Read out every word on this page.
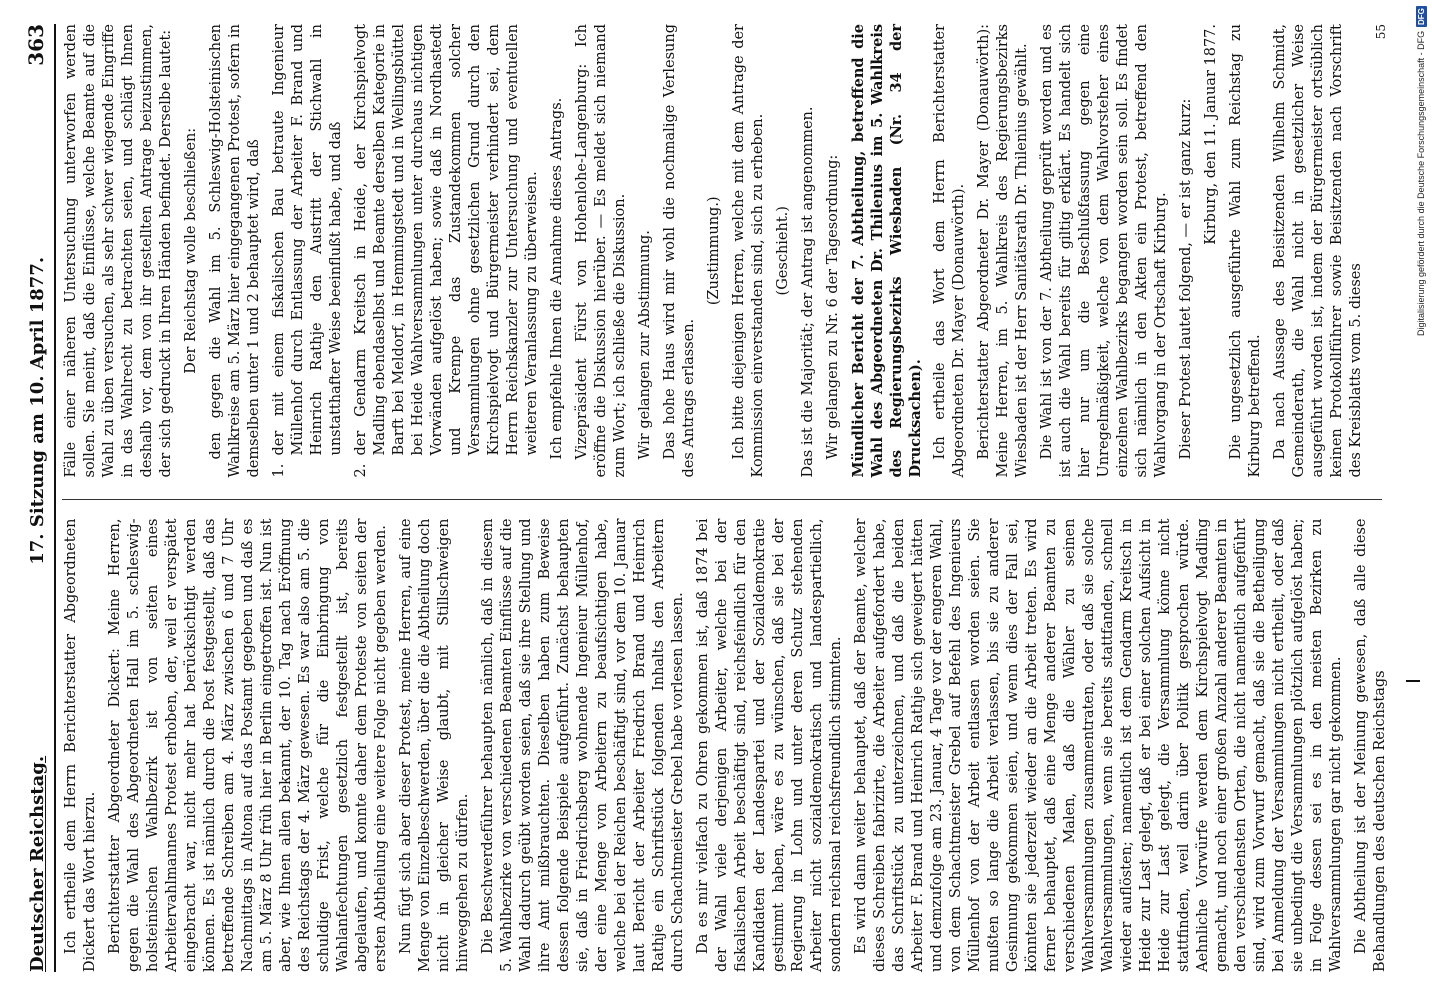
Deutscher Reichstag.
17. Sitzung am 10. April 1877.
363

Ich ertheile dem Herrn Berichterstatter Abgeordneten Dickert das Wort hierzu. Berichterstatter Abgeordneter Dickert: Meine Herren, gegen die Wahl des Abgeordneten Hall im 5. schleswig-holsteinischen Wahlbezirk ist von seiten eines Arbeitervahlmannes Protest erhoben, der, weil er verspätet eingebracht war, nicht mehr hat berücksichtigt werden können. Es ist nämlich durch die Post festgestellt, daß das betreffende Schreiben am 4. März zwischen 6 und 7 Uhr Nachmittags in Altona auf das Postamt gegeben und daß es am 5. März 8 Uhr früh hier in Berlin eingetroffen ist. Nun ist aber, wie Ihnen allen bekannt, der 10. Tag nach Eröffnung des Reichstags der 4. März gewesen. Es war also am 5. die schuldige Frist, welche für die Einbringung von Wahlanfechtungen gesetzlich festgestellt ist, bereits abgelaufen, und konnte daher dem Proteste von seiten der ersten Abtheilung eine weitere Folge nicht gegeben werden. Nun fügt sich aber dieser Protest, meine Herren, auf eine Menge von Einzelbeschwerden, über die die Abtheilung doch nicht in gleicher Weise glaubt, mit Stillschweigen hinweggehen zu dürfen. Die Beschwerdeführer behaupten nämlich, daß in diesem 5. Wahlbezirke von verschiedenen Beamten Einflüsse auf die Wahl dadurch geübt worden seien, daß sie ihre Stellung und ihre Amt mißbrauchten. Dieselben haben zum Beweise dessen folgende Beispiele aufgeführt. Zunächst behaupten sie, daß in Friedrichsberg wohnende Ingenieur Müllenhof, der eine Menge von Arbeitern zu beaufsichtigen habe, welche bei der Reichen beschäftigt sind, vor dem 10. Januar laut Bericht der Arbeiter Friedrich Brand und Heinrich Rathje ein Schriftstück folgenden Inhalts den Arbeitern durch Schachtmeister Grebel habe vorlesen lassen. Da es mir vielfach zu Ohren gekommen ist, daß 1874 bei der Wahl viele derjenigen Arbeiter, welche bei der fiskalischen Arbeit beschäftigt sind, reichsfeindlich für den Kandidaten der Landespartei und der Sozialdemokratie gestimmt haben, wäre es zu wünschen, daß sie bei der Regierung in Lohn und unter deren Schutz stehenden Arbeiter nicht sozialdemokratisch und landespartiellich, sondern reichsnal reichsfreundlich stimmten. Es wird dann weiter behauptet, daß der Beamte, welcher dieses Schreiben fabrizirte, die Arbeiter aufgefordert habe, das Schriftstück zu unterzeichnen, und daß die beiden Arbeiter F. Brand und Heinrich Rathje sich geweigert hätten und demzufolge am 23. Januar, 4 Tage vor der engeren Wahl, von dem Schachtmeister Grebel auf Befehl des Ingenieurs Müllenhof von der Arbeit entlassen worden seien. Sie mußten so lange die Arbeit verlassen, bis sie zu anderer Gesinnung gekommen seien, und wenn dies der Fall sei, könnten sie jederzeit wieder an die Arbeit treten. Es wird ferner behauptet, daß eine Menge anderer Beamten zu verschiedenen Malen, daß die Wähler zu seinen Wahlversammlungen zusammentraten, oder daß sie solche Wahlversammlungen, wenn sie bereits stattfanden, schnell wieder auflösten; namentlich ist dem Gendarm Kreitsch in Heide zur Last gelegt, daß er bei einer solchen Aufsicht in Heide zur Last gelegt, die Versammlung könne nicht stattfinden, weil darin über Politik gesprochen würde. Aehnliche Vorwürfe werden dem Kirchspielvogt Madling gemacht, und noch einer großen Anzahl anderer Beamten in den verschiedensten Orten, die nicht namentlich aufgeführt sind, wird zum Vorwurf gemacht, daß sie die Betheiligung bei Anmeldung der Versammlungen nicht ertheilt, oder daß sie unbedingt die Versammlungen plötzlich aufgelöst haben; in Folge dessen sei es in den meisten Bezirken zu Wahlversammlungen gar nicht gekommen. Die Abtheilung ist der Meinung gewesen, daß alle diese Behandlungen des deutschen Reichstags

Fälle einer näheren Untersuchung unterworfen werden sollen. Sie meint, daß die Einflüsse, welche Beamte auf die Wahl zu üben versuchen, als sehr schwer wiegende Eingriffe in das Wahlrecht zu betrachten seien, und schlägt Ihnen deshalb vor, dem von ihr gestellten Antrage beizustimmen, der sich gedruckt in Ihren Händen befindet. Derselbe lautet: Der Reichstag wolle beschließen: den gegen die Wahl im 5. Schleswig-Holsteinischen Wahlkreise am 5. März hier eingegangenen Protest, sofern in demselben unter 1 und 2 behauptet wird, daß 1.
der mit einem fiskalischen Bau betraute Ingenieur Müllenhof durch Entlassung der Arbeiter F. Brand und Heinrich Rathje den Austritt der Stichwahl in unstatthafter Weise beeinflußt habe, und daß

2.
der Gendarm Kreitsch in Heide, der Kirchspielvogt Madling ebendaselbst und Beamte derselben Kategorie in Barft bei Meldorf, in Hemmingstedt und in Wellingsbüttel bei Heide Wahlversammlungen unter durchaus nichtigen Vorwänden aufgelöst haben; sowie daß in Nordhastedt und Krempe das Zustandekommen solcher Versammlungen ohne gesetzlichen Grund durch den Kirchspielvogt und Bürgermeister verhindert sei, dem Herrn Reichskanzler zur Untersuchung und eventuellen weiteren Veranlassung zu überweisen. Ich empfehle Ihnen die Annahme dieses Antrags. Vizepräsident Fürst von Hohenlohe-Langenburg: Ich eröffne die Diskussion hierüber. — Es meldet sich niemand zum Wort; ich schließe die Diskussion. Wir gelangen zur Abstimmung. Das hohe Haus wird mir wohl die nochmalige Verlesung des Antrags erlassen.

(Zustimmung.) Ich bitte diejenigen Herren, welche mit dem Antrage der Kommission einverstanden sind, sich zu erheben. (Geschieht.) Das ist die Majorität; der Antrag ist angenommen. Wir gelangen zu Nr. 6 der Tagesordnung: Mündlicher Bericht der 7. Abtheilung, betreffend die Wahl des Abgeordneten Dr. Thilenius im 5. Wahlkreis des Regierungsbezirks Wiesbaden (Nr. 34 der Drucksachen). Ich ertheile das Wort dem Herrn Berichterstatter Abgeordneten Dr. Mayer (Donauwörth). Berichterstatter Abgeordneter Dr. Mayer (Donauwörth): Meine Herren, im 5. Wahlkreis des Regierungsbezirks Wiesbaden ist der Herr Sanitätsrath Dr. Thilenius gewählt. Die Wahl ist von der 7. Abtheilung geprüft worden und es ist auch die Wahl bereits für giltig erklärt. Es handelt sich hier nur um die Beschlußfassung gegen eine Unregelmäßigkeit, welche von dem Wahlvorsteher eines einzelnen Wahlbezirks begangen worden sein soll. Es findet sich nämlich in den Akten ein Protest, betreffend den Wahlvorgang in der Ortschaft Kirburg. Dieser Protest lautet folgend, — er ist ganz kurz: Kirburg, den 11. Januar 1877. Die ungesetzlich ausgeführte Wahl zum Reichstag zu Kirburg betreffend. Da nach Aussage des Beisitzenden Wilhelm Schmidt, Gemeinderath, die Wahl nicht in gesetzlicher Weise ausgeführt worden ist, indem der Bürgermeister ortsüblich keinen Protokollführer sowie Beisitzenden nach Vorschrift des Kreisblatts vom 5. dieses

55	Digitalisierung gefördert durch die Deutsche Forschungsgemeinschaft - DFG
DFG
